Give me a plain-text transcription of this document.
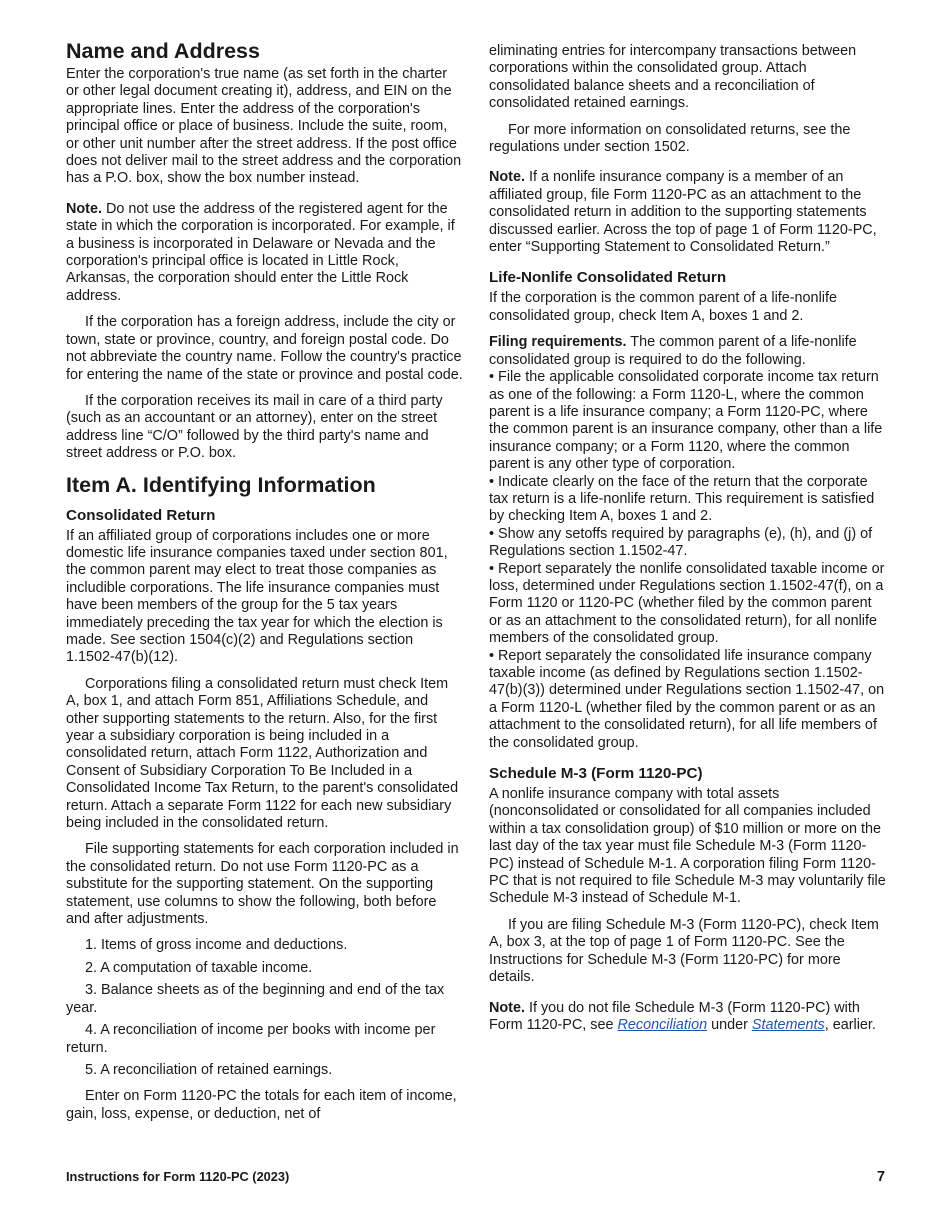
Name and Address

Enter the corporation's true name (as set forth in the charter or other legal document creating it), address, and EIN on the appropriate lines. Enter the address of the corporation's principal office or place of business. Include the suite, room, or other unit number after the street address. If the post office does not deliver mail to the street address and the corporation has a P.O. box, show the box number instead.

Note. Do not use the address of the registered agent for the state in which the corporation is incorporated. For example, if a business is incorporated in Delaware or Nevada and the corporation's principal office is located in Little Rock, Arkansas, the corporation should enter the Little Rock address.

If the corporation has a foreign address, include the city or town, state or province, country, and foreign postal code. Do not abbreviate the country name. Follow the country's practice for entering the name of the state or province and postal code.

If the corporation receives its mail in care of a third party (such as an accountant or an attorney), enter on the street address line “C/O” followed by the third party's name and street address or P.O. box.

Item A. Identifying Information
Consolidated Return

If an affiliated group of corporations includes one or more domestic life insurance companies taxed under section 801, the common parent may elect to treat those companies as includible corporations. The life insurance companies must have been members of the group for the 5 tax years immediately preceding the tax year for which the election is made. See section 1504(c)(2) and Regulations section 1.1502-47(b)(12).

Corporations filing a consolidated return must check Item A, box 1, and attach Form 851, Affiliations Schedule, and other supporting statements to the return. Also, for the first year a subsidiary corporation is being included in a consolidated return, attach Form 1122, Authorization and Consent of Subsidiary Corporation To Be Included in a Consolidated Income Tax Return, to the parent's consolidated return. Attach a separate Form 1122 for each new subsidiary being included in the consolidated return.

File supporting statements for each corporation included in the consolidated return. Do not use Form 1120-PC as a substitute for the supporting statement. On the supporting statement, use columns to show the following, both before and after adjustments.

1. Items of gross income and deductions.

2. A computation of taxable income.

3. Balance sheets as of the beginning and end of the tax year.

4. A reconciliation of income per books with income per return.

5. A reconciliation of retained earnings.

Enter on Form 1120-PC the totals for each item of income, gain, loss, expense, or deduction, net of

eliminating entries for intercompany transactions between corporations within the consolidated group. Attach consolidated balance sheets and a reconciliation of consolidated retained earnings.

For more information on consolidated returns, see the regulations under section 1502.

Note. If a nonlife insurance company is a member of an affiliated group, file Form 1120-PC as an attachment to the consolidated return in addition to the supporting statements discussed earlier. Across the top of page 1 of Form 1120-PC, enter “Supporting Statement to Consolidated Return.”

Life-Nonlife Consolidated Return

If the corporation is the common parent of a life-nonlife consolidated group, check Item A, boxes 1 and 2.

Filing requirements. The common parent of a life-nonlife consolidated group is required to do the following.

• File the applicable consolidated corporate income tax return as one of the following: a Form 1120-L, where the common parent is a life insurance company; a Form 1120-PC, where the common parent is an insurance company, other than a life insurance company; or a Form 1120, where the common parent is any other type of corporation.

• Indicate clearly on the face of the return that the corporate tax return is a life-nonlife return. This requirement is satisfied by checking Item A, boxes 1 and 2.

• Show any setoffs required by paragraphs (e), (h), and (j) of Regulations section 1.1502-47.

• Report separately the nonlife consolidated taxable income or loss, determined under Regulations section 1.1502-47(f), on a Form 1120 or 1120-PC (whether filed by the common parent or as an attachment to the consolidated return), for all nonlife members of the consolidated group.

• Report separately the consolidated life insurance company taxable income (as defined by Regulations section 1.1502-47(b)(3)) determined under Regulations section 1.1502-47, on a Form 1120-L (whether filed by the common parent or as an attachment to the consolidated return), for all life members of the consolidated group.

Schedule M-3 (Form 1120-PC)

A nonlife insurance company with total assets (nonconsolidated or consolidated for all companies included within a tax consolidation group) of $10 million or more on the last day of the tax year must file Schedule M-3 (Form 1120-PC) instead of Schedule M-1. A corporation filing Form 1120-PC that is not required to file Schedule M-3 may voluntarily file Schedule M-3 instead of Schedule M-1.

If you are filing Schedule M-3 (Form 1120-PC), check Item A, box 3, at the top of page 1 of Form 1120-PC. See the Instructions for Schedule M-3 (Form 1120-PC) for more details.

Note. If you do not file Schedule M-3 (Form 1120-PC) with Form 1120-PC, see Reconciliation under Statements, earlier.

Instructions for Form 1120-PC (2023)	7
